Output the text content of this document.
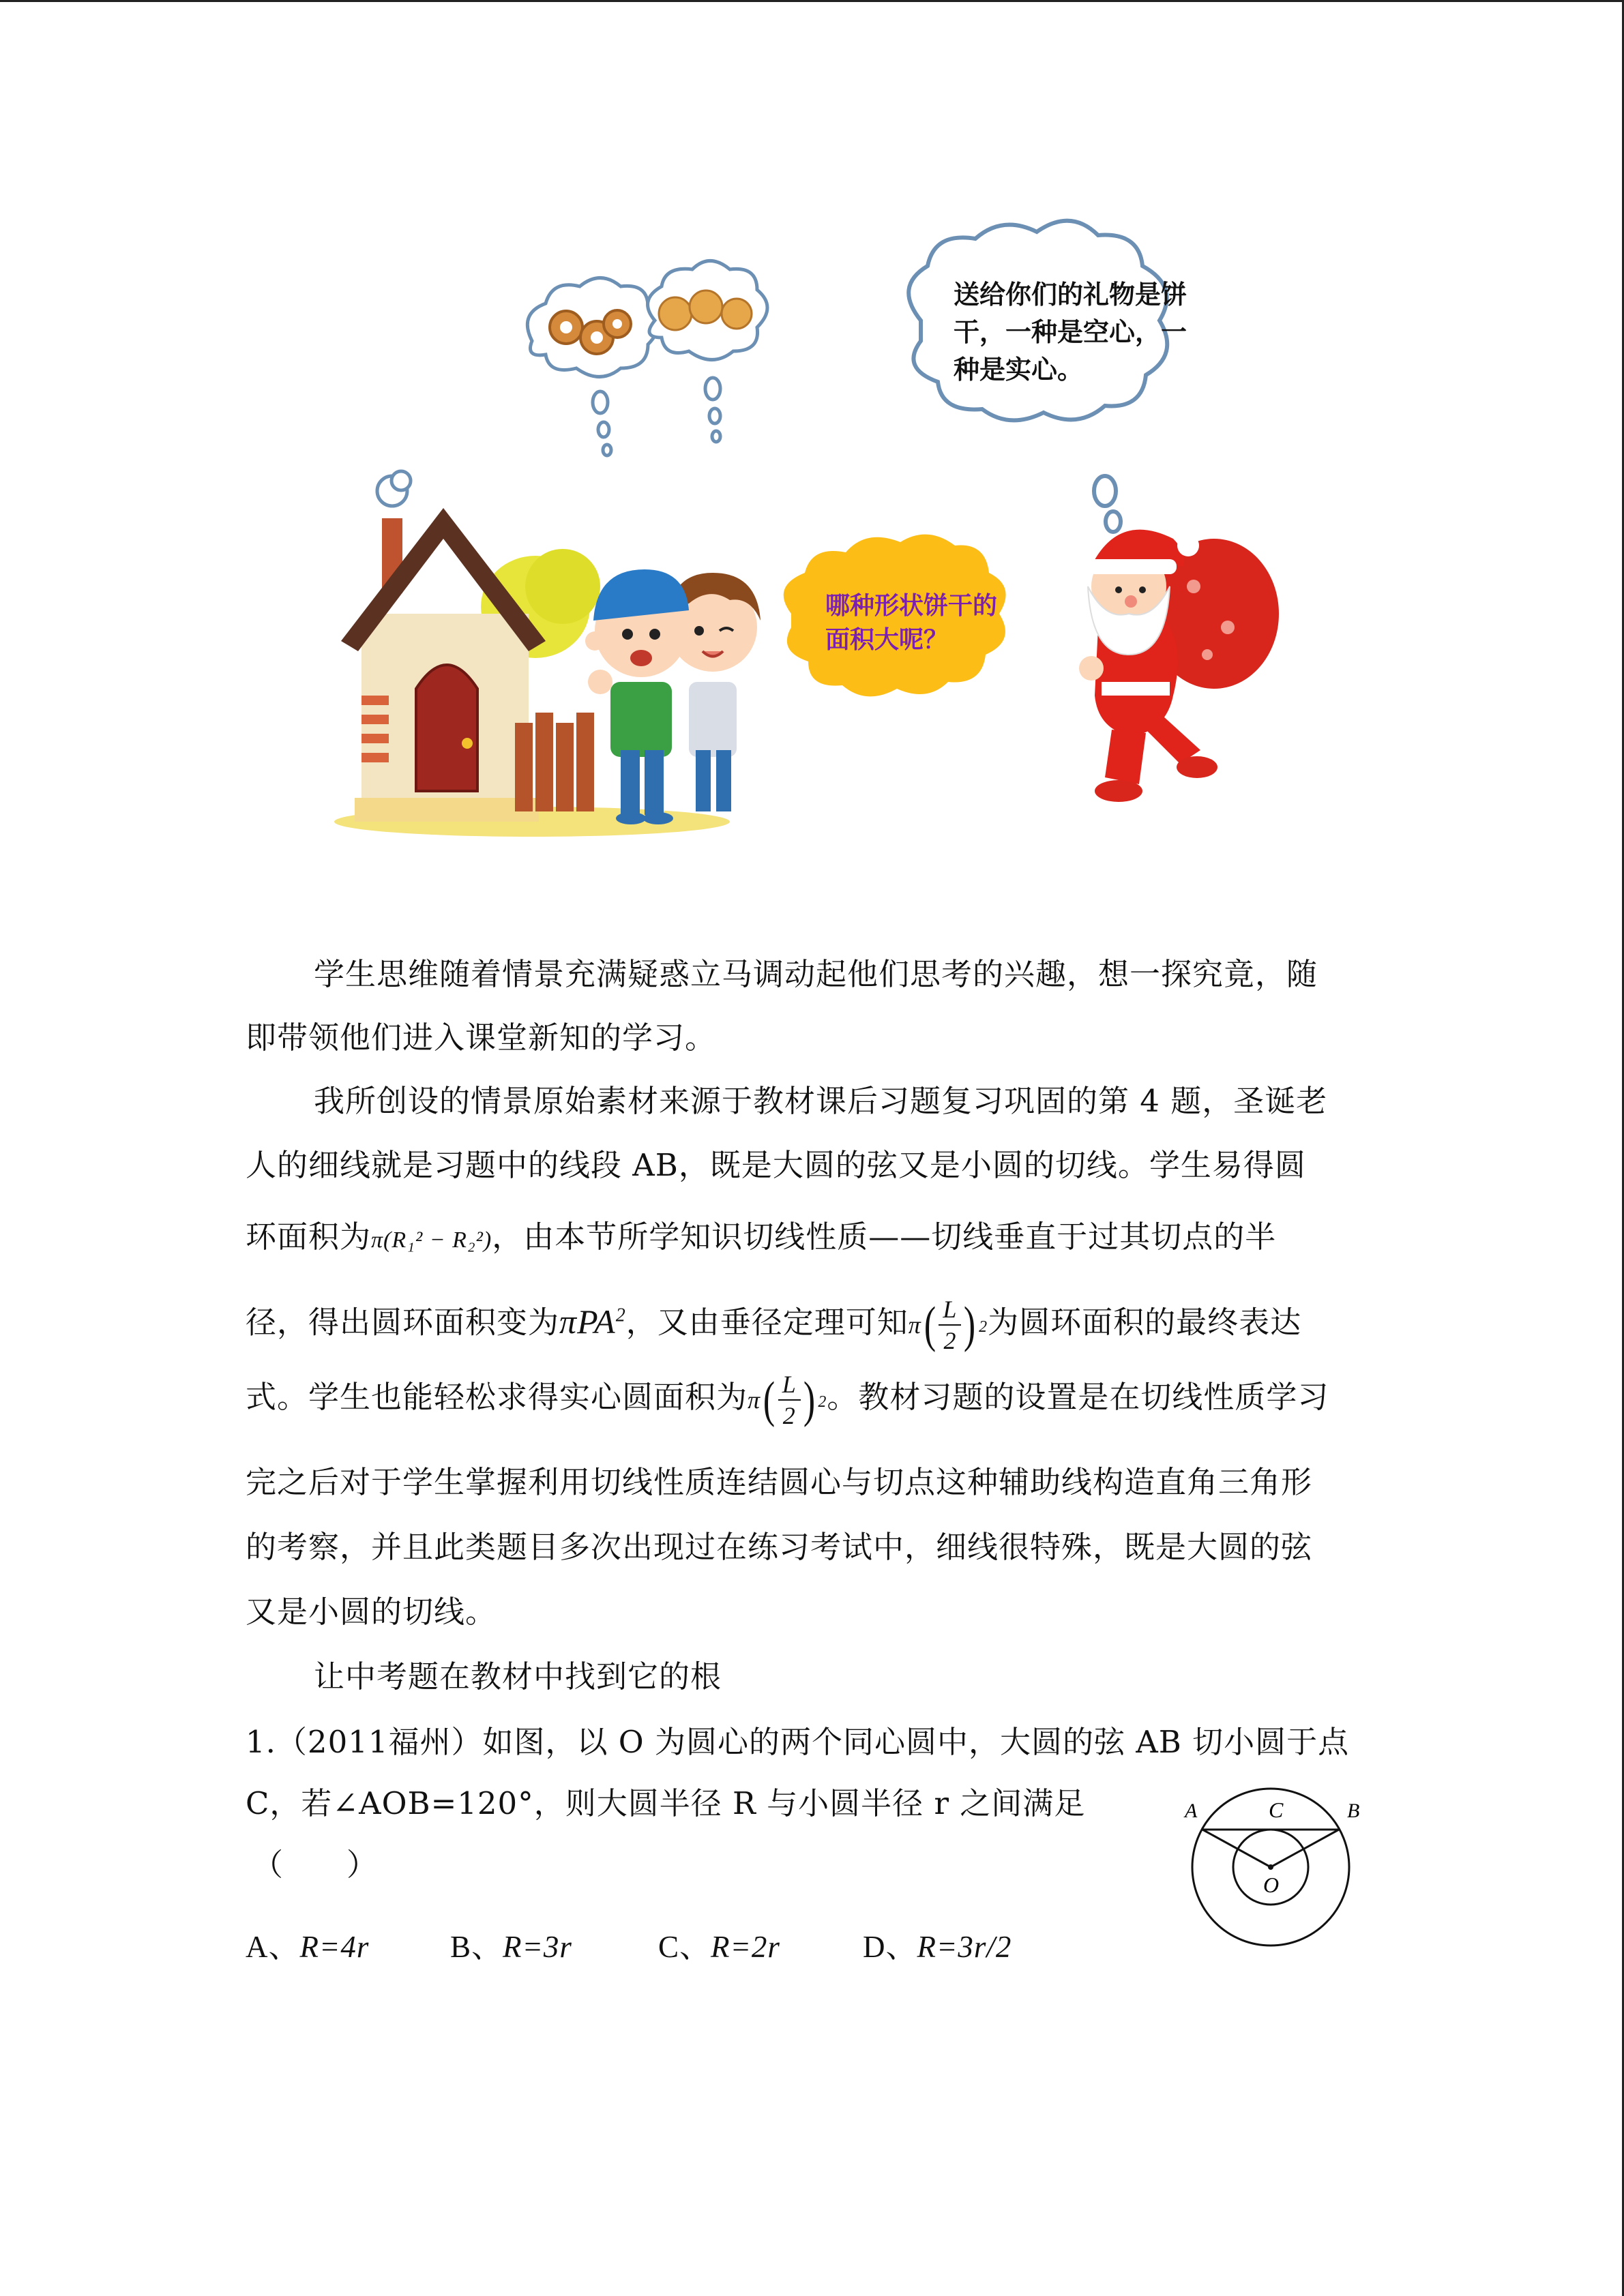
哪种形状饼干的
面积大呢？
送给你们的礼物是饼
干，一种是空心，一
种是实心。
学生思维随着情景充满疑惑立马调动起他们思考的兴趣，想一探究竟，随
即带领他们进入课堂新知的学习。
我所创设的情景原始素材来源于教材课后习题复习巩固的第 4 题，圣诞老
人的细线就是习题中的线段 AB，既是大圆的弦又是小圆的切线。学生易得圆
环面积为π(R₁² − R₂²)，由本节所学知识切线性质——切线垂直于过其切点的半
径，得出圆环面积变为πPA$^2$，又由垂径定理可知 π ( L
2 ) 2 为圆环面积的最终表达
式。学生也能轻松求得实心圆面积为 π ( L
2 ) 2 。教材习题的设置是在切线性质学习
完之后对于学生掌握利用切线性质连结圆心与切点这种辅助线构造直角三角形
的考察，并且此类题目多次出现过在练习考试中，细线很特殊，既是大圆的弦
又是小圆的切线。
让中考题在教材中找到它的根
1.（2011福州）如图，以 O 为圆心的两个同心圆中，大圆的弦 AB 切小圆于点
C，若∠AOB=120°，则大圆半径 R 与小圆半径 r 之间满足
（　　）
A、R=4r	B、R=3r	C、R=2r	D、R=3r/2
A	B
C
O
